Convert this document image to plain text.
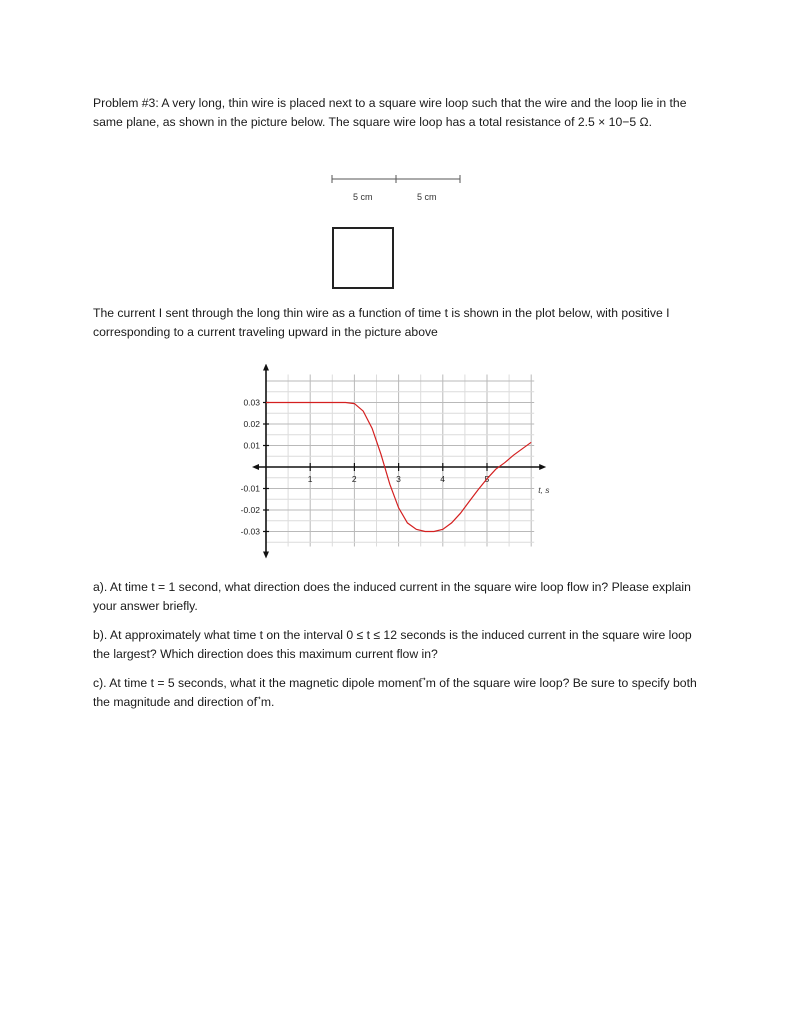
Problem #3: A very long, thin wire is placed next to a square wire loop such that the wire and the loop lie in the same plane, as shown in the picture below. The square wire loop has a total resistance of 2.5 × 10−5 Ω.

5 cm	5 cm

The current I sent through the long thin wire as a function of time t is shown in the plot below, with positive I corresponding to a current traveling upward in the picture above

1	2	3	4	5
0.03
0.02
0.01
-0.01
-0.02
-0.03
t, s

a). At time t = 1 second, what direction does the induced current in the square wire loop flow in? Please explain your answer briefly.

b). At approximately what time t on the interval 0 ≤ t ≤ 12 seconds is the induced current in the square wire loop the largest? Which direction does this maximum current flow in?

c). At time t = 5 seconds, what it the magnetic dipole moment ⃗m of the square wire loop? Be sure to specify both the magnitude and direction of ⃗m.
